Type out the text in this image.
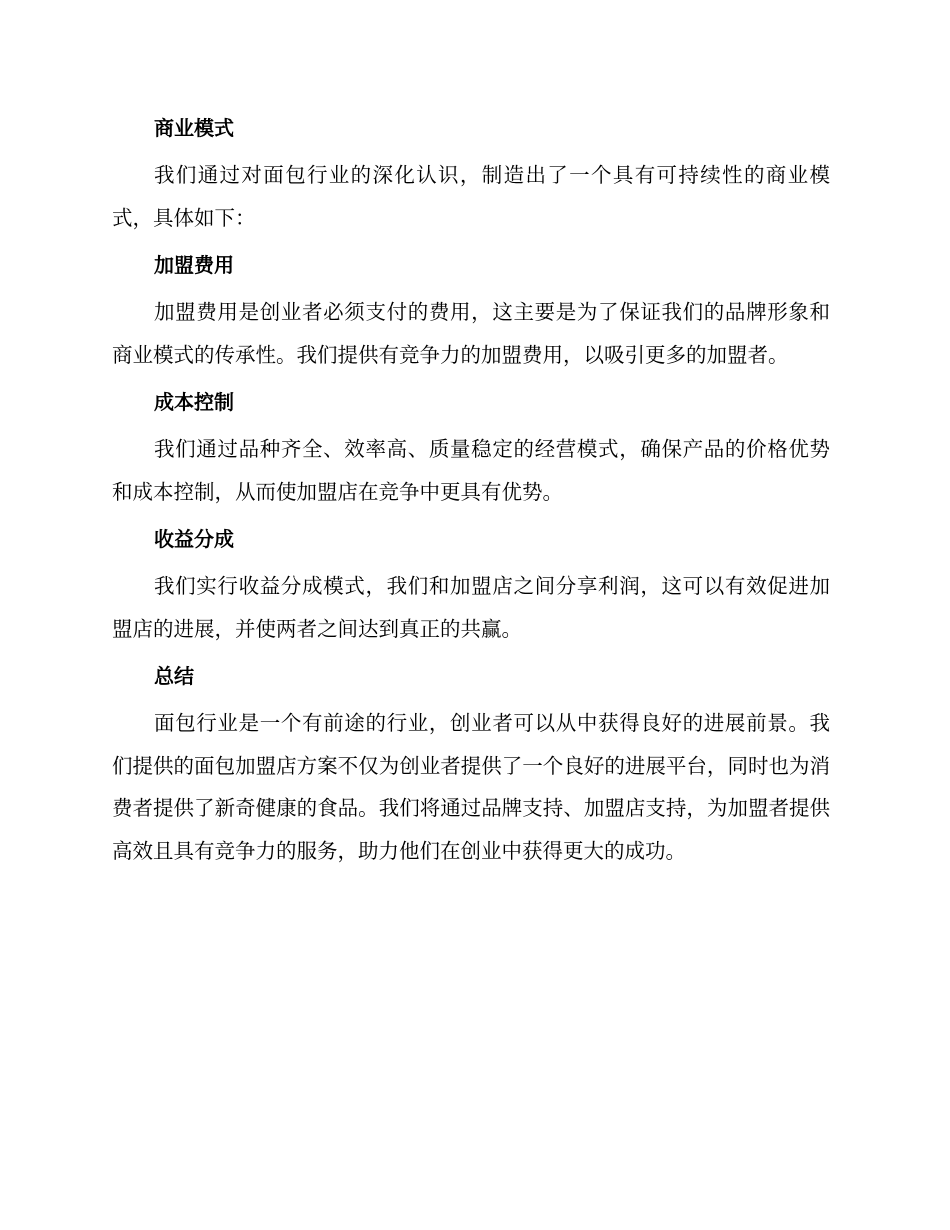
商业模式

我们通过对面包行业的深化认识，制造出了一个具有可持续性的商业模式，具体如下：

加盟费用

加盟费用是创业者必须支付的费用，这主要是为了保证我们的品牌形象和商业模式的传承性。我们提供有竞争力的加盟费用，以吸引更多的加盟者。

成本控制

我们通过品种齐全、效率高、质量稳定的经营模式，确保产品的价格优势和成本控制，从而使加盟店在竞争中更具有优势。

收益分成

我们实行收益分成模式，我们和加盟店之间分享利润，这可以有效促进加盟店的进展，并使两者之间达到真正的共赢。

总结

面包行业是一个有前途的行业，创业者可以从中获得良好的进展前景。我们提供的面包加盟店方案不仅为创业者提供了一个良好的进展平台，同时也为消费者提供了新奇健康的食品。我们将通过品牌支持、加盟店支持，为加盟者提供高效且具有竞争力的服务，助力他们在创业中获得更大的成功。
